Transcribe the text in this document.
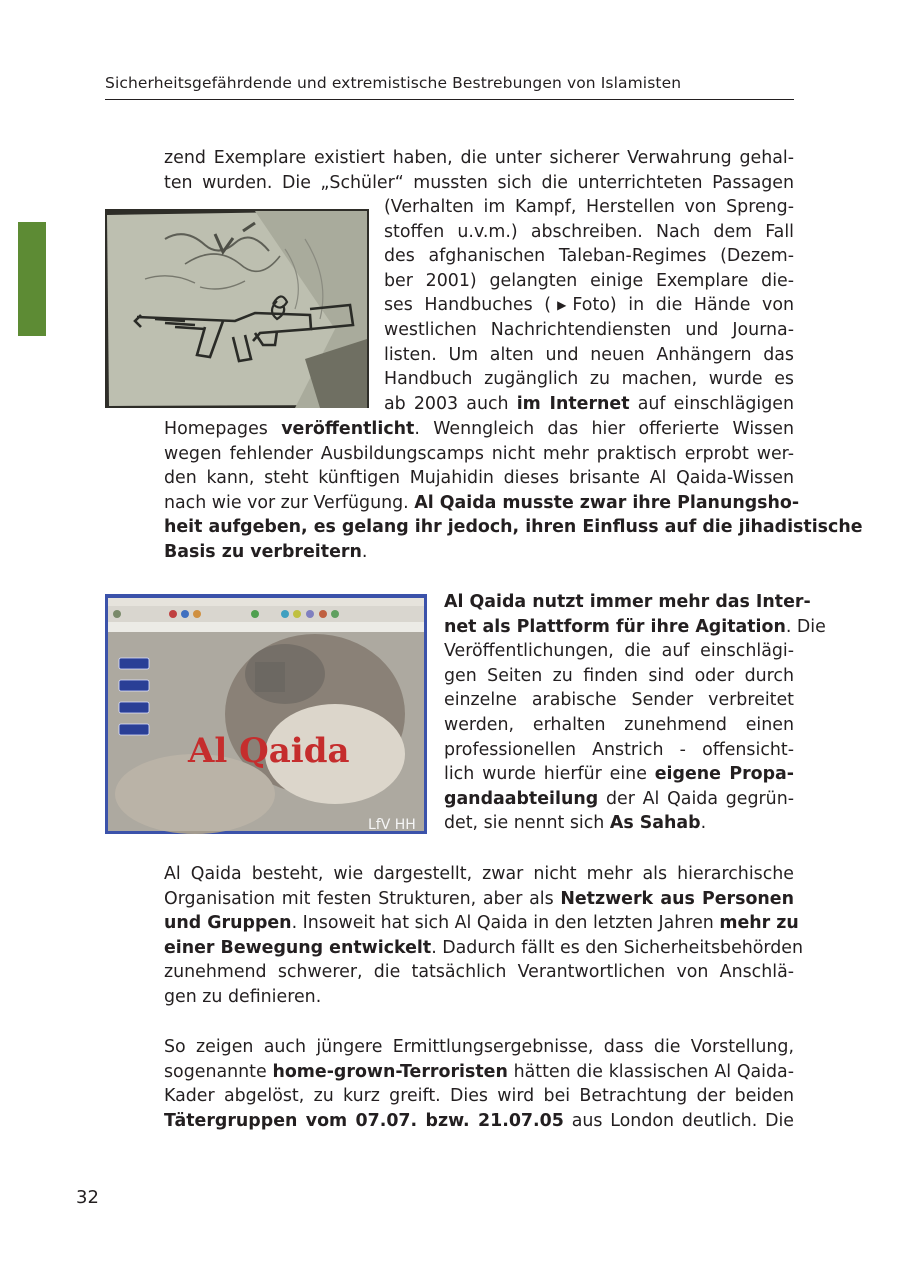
Sicherheitsgefährdende und extremistische Bestrebungen von Islamisten
zend Exemplare existiert haben, die unter sicherer Verwahrung gehal-
ten wurden. Die „Schüler“ mussten sich die unterrichteten Passagen
(Verhalten im Kampf, Herstellen von Spreng-
stoffen u.v.m.) abschreiben. Nach dem Fall
des afghanischen Taleban-Regimes (Dezem-
ber 2001) gelangten einige Exemplare die-
ses Handbuches (▶Foto) in die Hände von
westlichen Nachrichtendiensten und Journa-
listen. Um alten und neuen Anhängern das
Handbuch zugänglich zu machen, wurde es
ab 2003 auch im Internet auf einschlägigen
Homepages veröffentlicht. Wenngleich das hier offerierte Wissen
wegen fehlender Ausbildungscamps nicht mehr praktisch erprobt wer-
den kann, steht künftigen Mujahidin dieses brisante Al Qaida-Wissen
nach wie vor zur Verfügung. Al Qaida musste zwar ihre Planungsho-
heit aufgeben, es gelang ihr jedoch, ihren Einfluss auf die jihadistische
Basis zu verbreitern.
Al Qaida nutzt immer mehr das Inter-
net als Plattform für ihre Agitation. Die
Veröffentlichungen, die auf einschlägi-
gen Seiten zu finden sind oder durch
einzelne arabische Sender verbreitet
werden, erhalten zunehmend einen
professionellen Anstrich - offensicht-
lich wurde hierfür eine eigene Propa-
gandaabteilung der Al Qaida gegrün-
det, sie nennt sich As Sahab.
Al Qaida
LfV HH
Al Qaida besteht, wie dargestellt, zwar nicht mehr als hierarchische
Organisation mit festen Strukturen, aber als Netzwerk aus Personen
und Gruppen. Insoweit hat sich Al Qaida in den letzten Jahren mehr zu
einer Bewegung entwickelt. Dadurch fällt es den Sicherheitsbehörden
zunehmend schwerer, die tatsächlich Verantwortlichen von Anschlä-
gen zu definieren.
So zeigen auch jüngere Ermittlungsergebnisse, dass die Vorstellung,
sogenannte home-grown-Terroristen hätten die klassischen Al Qaida-
Kader abgelöst, zu kurz greift. Dies wird bei Betrachtung der beiden
Tätergruppen vom 07.07. bzw. 21.07.05 aus London deutlich. Die
32
